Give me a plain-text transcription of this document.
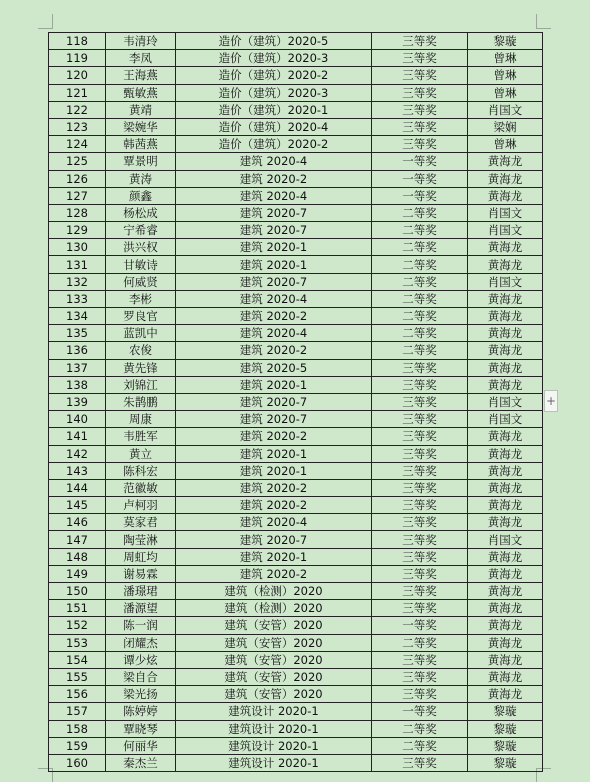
118	韦清玲	造价（建筑）2020-5	三等奖	黎璇
119	李凤	造价（建筑）2020-3	三等奖	曾琳
120	王海燕	造价（建筑）2020-2	三等奖	曾琳
121	甄敏燕	造价（建筑）2020-3	三等奖	曾琳
122	黄靖	造价（建筑）2020-1	三等奖	肖国文
123	梁婉华	造价（建筑）2020-4	三等奖	梁娴
124	韩茜燕	造价（建筑）2020-2	三等奖	曾琳
125	覃景明	建筑 2020-4	一等奖	黄海龙
126	黄涛	建筑 2020-2	一等奖	黄海龙
127	颜鑫	建筑 2020-4	一等奖	黄海龙
128	杨松成	建筑 2020-7	二等奖	肖国文
129	宁希睿	建筑 2020-7	二等奖	肖国文
130	洪兴权	建筑 2020-1	二等奖	黄海龙
131	甘敏诗	建筑 2020-1	二等奖	黄海龙
132	何威贤	建筑 2020-7	二等奖	肖国文
133	李彬	建筑 2020-4	二等奖	黄海龙
134	罗良官	建筑 2020-2	二等奖	黄海龙
135	蓝凯中	建筑 2020-4	二等奖	黄海龙
136	农俊	建筑 2020-2	二等奖	黄海龙
137	黄先锋	建筑 2020-5	三等奖	黄海龙
138	刘锦江	建筑 2020-1	三等奖	黄海龙
139	朱鹊鹏	建筑 2020-7	三等奖	肖国文
140	周康	建筑 2020-7	三等奖	肖国文
141	韦胜军	建筑 2020-2	三等奖	黄海龙
142	黄立	建筑 2020-1	三等奖	黄海龙
143	陈科宏	建筑 2020-1	三等奖	黄海龙
144	范徽敏	建筑 2020-2	三等奖	黄海龙
145	卢柯羽	建筑 2020-2	三等奖	黄海龙
146	莫家君	建筑 2020-4	三等奖	黄海龙
147	陶莹淋	建筑 2020-7	三等奖	肖国文
148	周虹均	建筑 2020-1	三等奖	黄海龙
149	谢易霖	建筑 2020-2	三等奖	黄海龙
150	潘璟珺	建筑（检测）2020	三等奖	黄海龙
151	潘源望	建筑（检测）2020	三等奖	黄海龙
152	陈一润	建筑（安管）2020	一等奖	黄海龙
153	闭耀杰	建筑（安管）2020	二等奖	黄海龙
154	谭少炫	建筑（安管）2020	三等奖	黄海龙
155	梁自合	建筑（安管）2020	三等奖	黄海龙
156	梁光扬	建筑（安管）2020	三等奖	黄海龙
157	陈婷婷	建筑设计 2020-1	一等奖	黎璇
158	覃晓琴	建筑设计 2020-1	二等奖	黎璇
159	何丽华	建筑设计 2020-1	二等奖	黎璇
160	秦杰兰	建筑设计 2020-1	三等奖	黎璇
+
